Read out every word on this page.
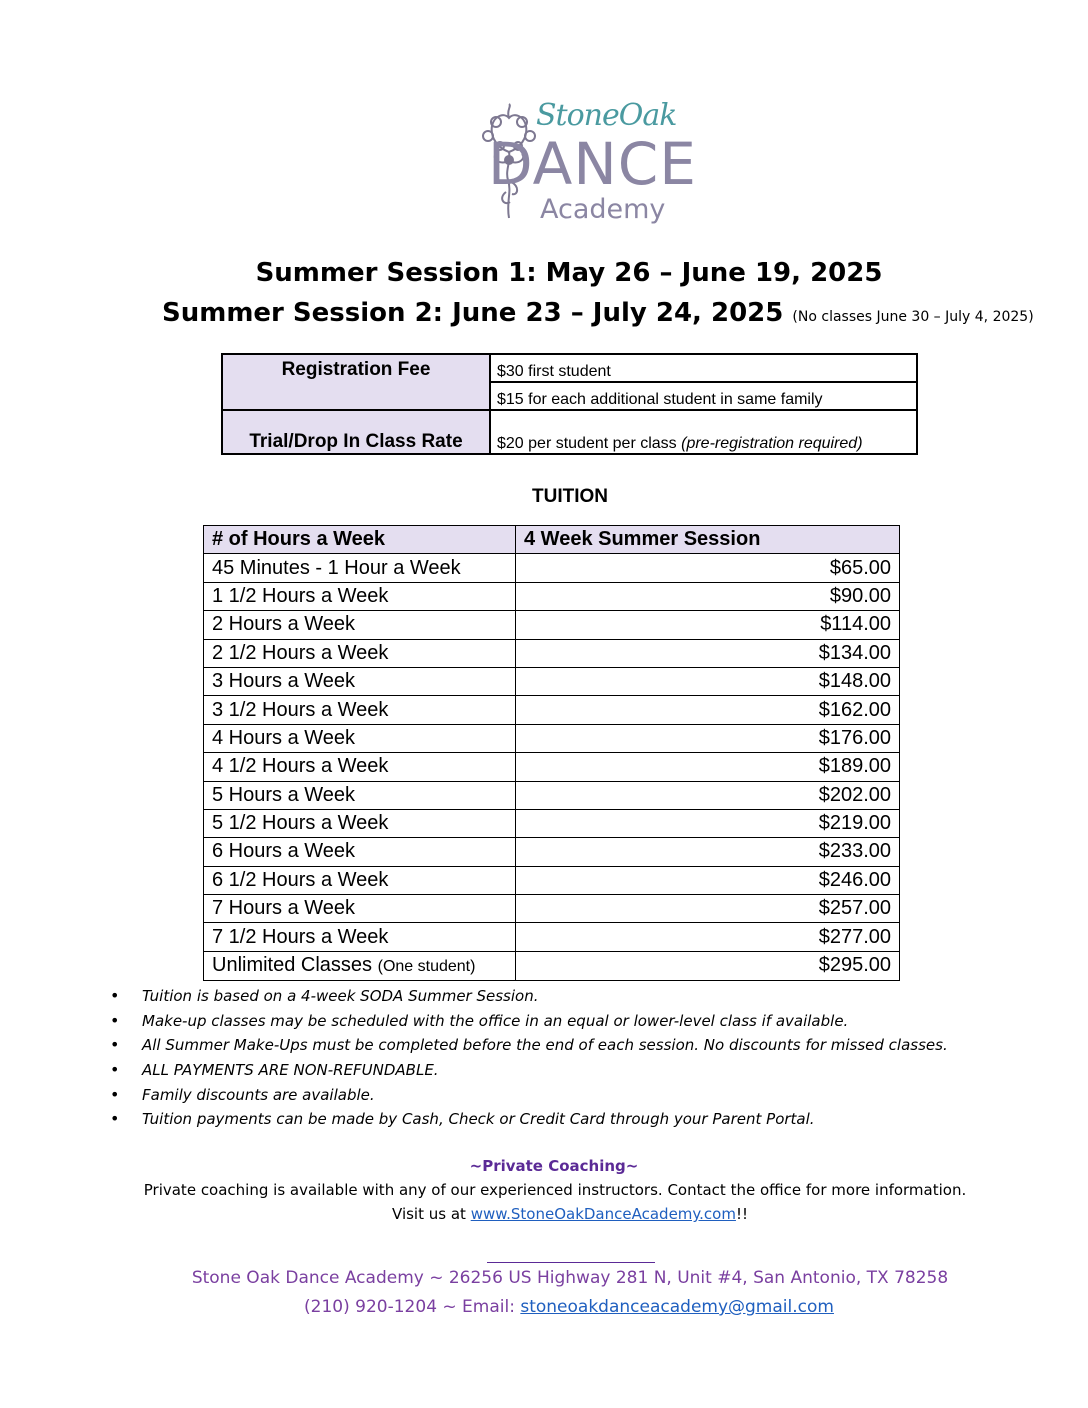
StoneOak
DANCE
Academy
Summer Session 1: May 26 – June 19, 2025
Summer Session 2: June 23 – July 24, 2025 (No classes June 30 – July 4, 2025)
Registration Fee	$30 first student
	$15 for each additional student in same family
Trial/Drop In Class Rate	$20 per student per class (pre-registration required)
TUITION
# of Hours a Week	4 Week Summer Session
45 Minutes - 1 Hour a Week	$65.00
1 1/2 Hours a Week	$90.00
2 Hours a Week	$114.00
2 1/2 Hours a Week	$134.00
3 Hours a Week	$148.00
3 1/2 Hours a Week	$162.00
4 Hours a Week	$176.00
4 1/2 Hours a Week	$189.00
5 Hours a Week	$202.00
5 1/2 Hours a Week	$219.00
6 Hours a Week	$233.00
6 1/2 Hours a Week	$246.00
7 Hours a Week	$257.00
7 1/2 Hours a Week	$277.00
Unlimited Classes (One student)	$295.00
• Tuition is based on a 4-week SODA Summer Session.
• Make-up classes may be scheduled with the office in an equal or lower-level class if available.
• All Summer Make-Ups must be completed before the end of each session. No discounts for missed classes.
• ALL PAYMENTS ARE NON-REFUNDABLE.
• Family discounts are available.
• Tuition payments can be made by Cash, Check or Credit Card through your Parent Portal.
~Private Coaching~
Private coaching is available with any of our experienced instructors. Contact the office for more information.
Visit us at www.StoneOakDanceAcademy.com!!
Stone Oak Dance Academy ~ 26256 US Highway 281 N, Unit #4, San Antonio, TX 78258
(210) 920-1204 ~ Email: stoneoakdanceacademy@gmail.com
